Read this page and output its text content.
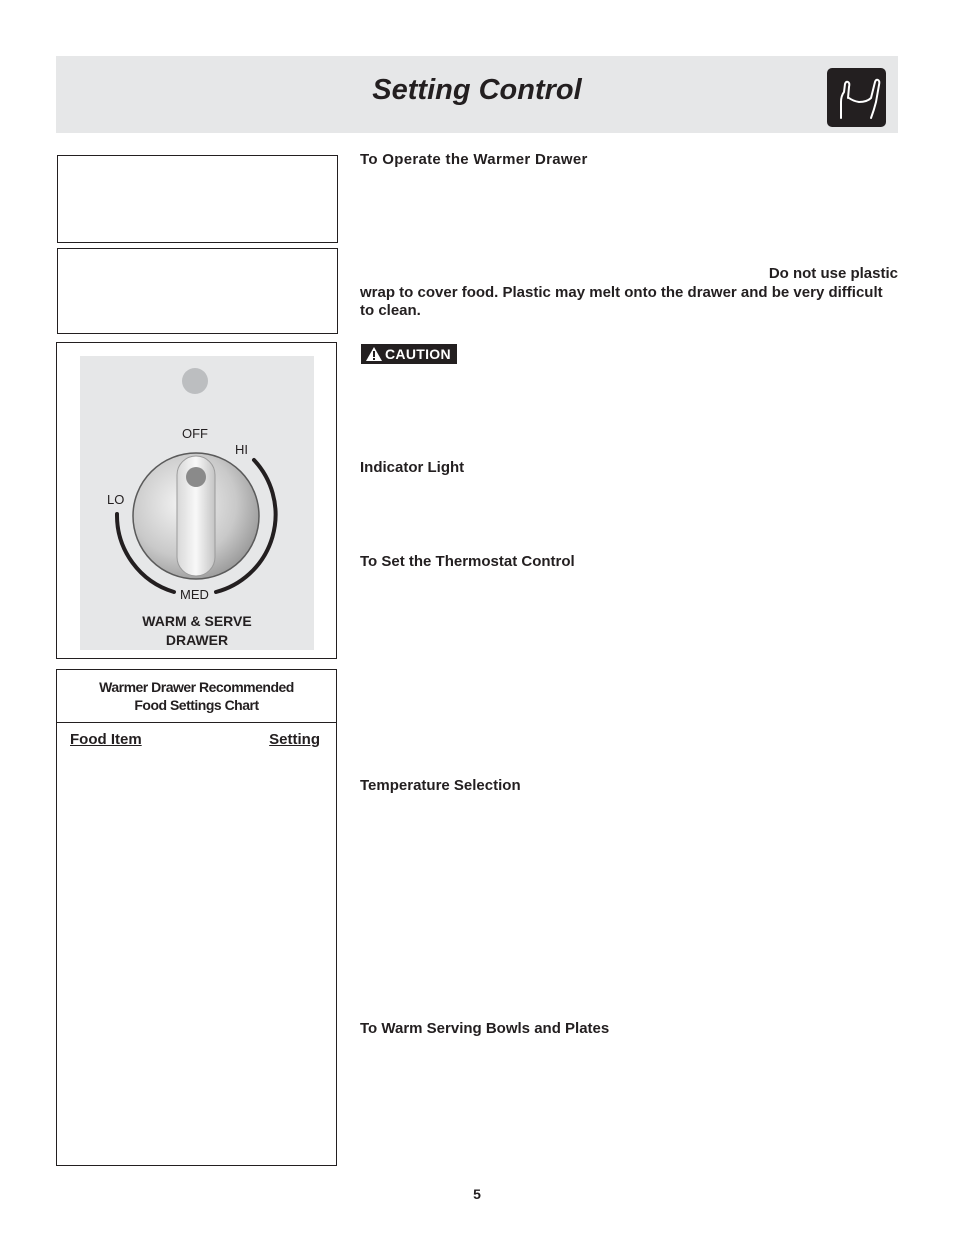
Setting Control
OFF
HI
LO
MED
WARM & SERVE
DRAWER
Warmer Drawer Recommended
Food Settings Chart
Food Item	Setting
To Operate the Warmer Drawer
Do not use plastic
wrap to cover food. Plastic may melt onto the drawer and be very difficult to clean.
CAUTION
Indicator Light
To Set the Thermostat Control
Temperature Selection
To Warm Serving Bowls and Plates
5
